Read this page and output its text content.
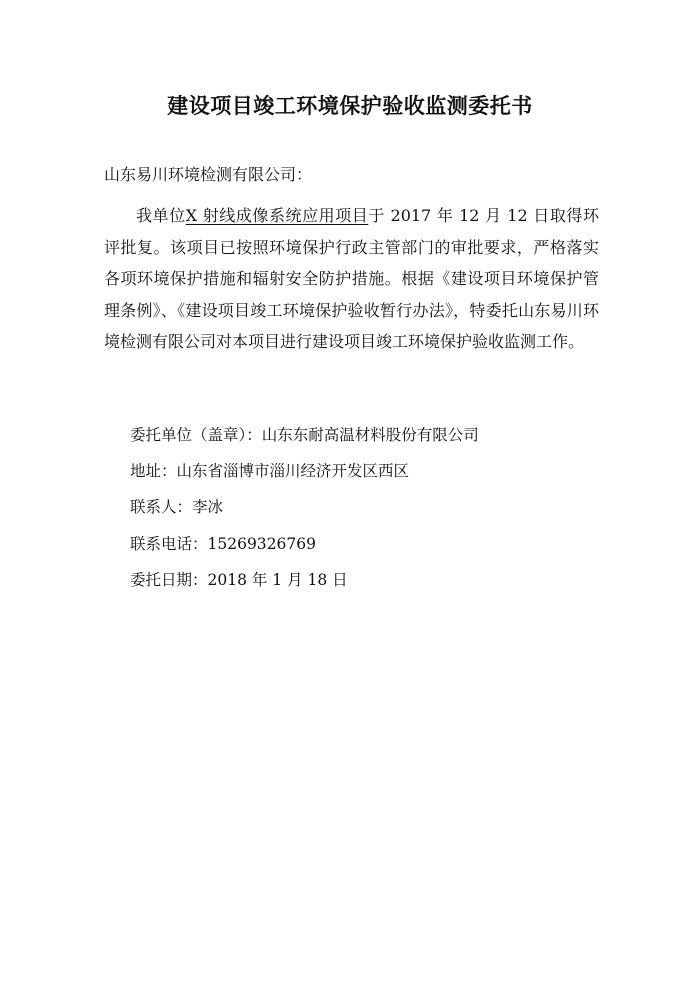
建设项目竣工环境保护验收监测委托书
山东易川环境检测有限公司：
我单位X 射线成像系统应用项目于 2017 年 12 月 12 日取得环评批复。该项目已按照环境保护行政主管部门的审批要求，严格落实各项环境保护措施和辐射安全防护措施。根据《建设项目环境保护管理条例》、《建设项目竣工环境保护验收暂行办法》，特委托山东易川环境检测有限公司对本项目进行建设项目竣工环境保护验收监测工作。
委托单位（盖章）：山东东耐高温材料股份有限公司
地址：山东省淄博市淄川经济开发区西区
联系人：李冰
联系电话：15269326769
委托日期：2018 年 1 月 18 日
